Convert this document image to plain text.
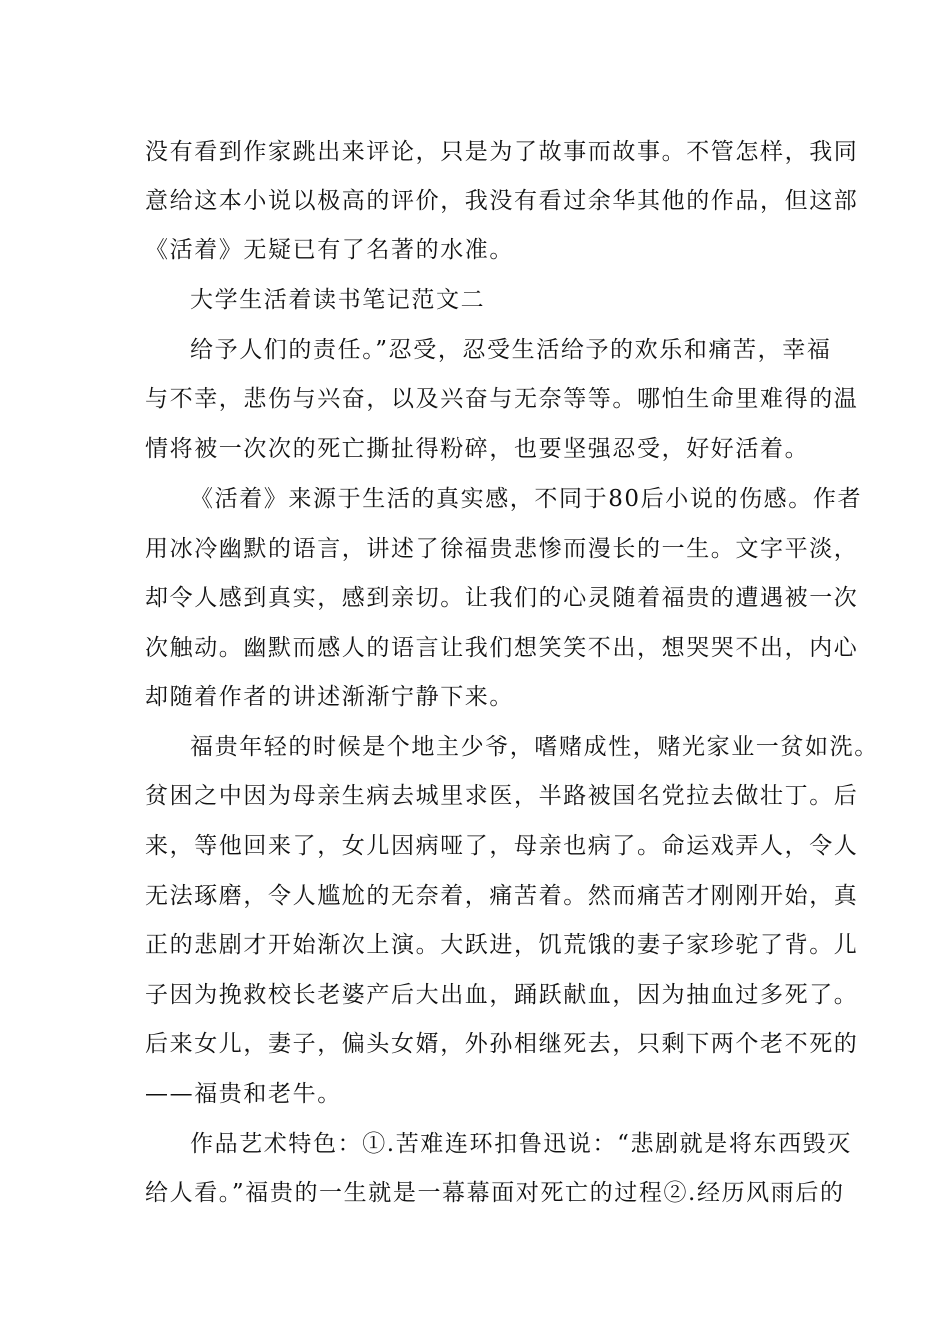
没有看到作家跳出来评论，只是为了故事而故事。不管怎样，我同
意给这本小说以极高的评价，我没有看过余华其他的作品，但这部
《活着》无疑已有了名著的水准。
大学生活着读书笔记范文二
给予人们的责任。”忍受，忍受生活给予的欢乐和痛苦，幸福
与不幸，悲伤与兴奋，以及兴奋与无奈等等。哪怕生命里难得的温
情将被一次次的死亡撕扯得粉碎，也要坚强忍受，好好活着。
《活着》来源于生活的真实感，不同于80后小说的伤感。作者
用冰冷幽默的语言，讲述了徐福贵悲惨而漫长的一生。文字平淡，
却令人感到真实，感到亲切。让我们的心灵随着福贵的遭遇被一次
次触动。幽默而感人的语言让我们想笑笑不出，想哭哭不出，内心
却随着作者的讲述渐渐宁静下来。
福贵年轻的时候是个地主少爷，嗜赌成性，赌光家业一贫如洗。
贫困之中因为母亲生病去城里求医，半路被国名党拉去做壮丁。后
来，等他回来了，女儿因病哑了，母亲也病了。命运戏弄人，令人
无法琢磨，令人尴尬的无奈着，痛苦着。然而痛苦才刚刚开始，真
正的悲剧才开始渐次上演。大跃进，饥荒饿的妻子家珍驼了背。儿
子因为挽救校长老婆产后大出血，踊跃献血，因为抽血过多死了。
后来女儿，妻子，偏头女婿，外孙相继死去，只剩下两个老不死的
——福贵和老牛。
作品艺术特色：①.苦难连环扣鲁迅说：“悲剧就是将东西毁灭
给人看。”福贵的一生就是一幕幕面对死亡的过程②.经历风雨后的
